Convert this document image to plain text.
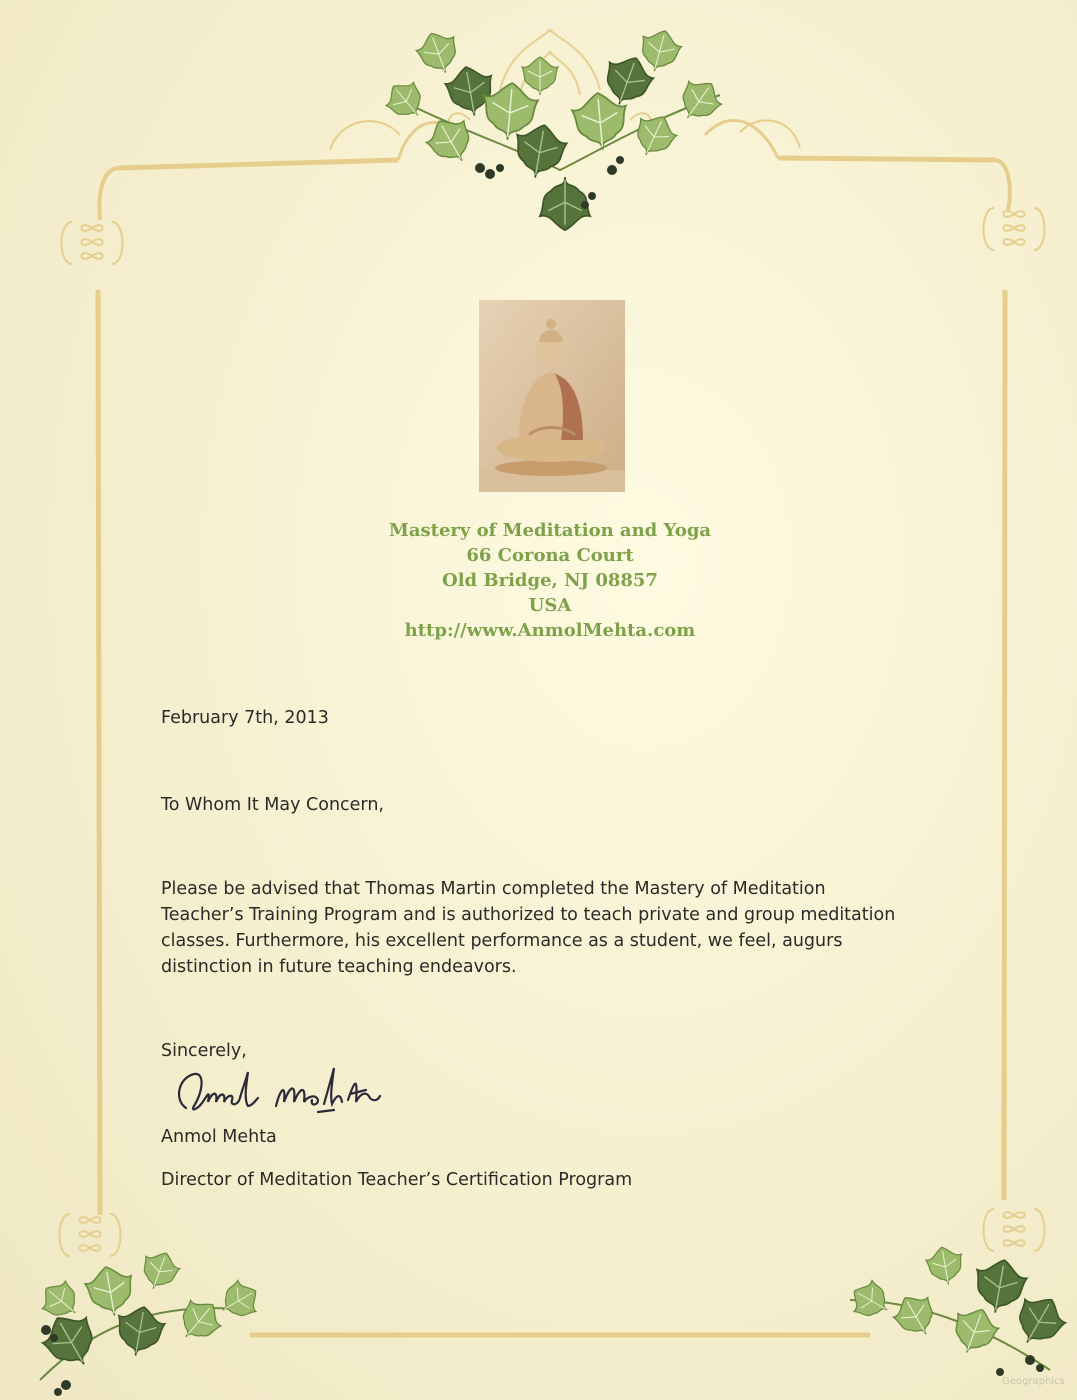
Mastery of Meditation and Yoga
66 Corona Court
Old Bridge, NJ 08857
USA
http://www.AnmolMehta.com
February 7th, 2013
To Whom It May Concern,
Please be advised that Thomas Martin completed the Mastery of Meditation
Teacher’s Training Program and is authorized to teach private and group meditation
classes. Furthermore, his excellent performance as a student, we feel, augurs
distinction in future teaching endeavors.
Sincerely,
Anmol Mehta
Director of Meditation Teacher’s Certification Program
Geographics
